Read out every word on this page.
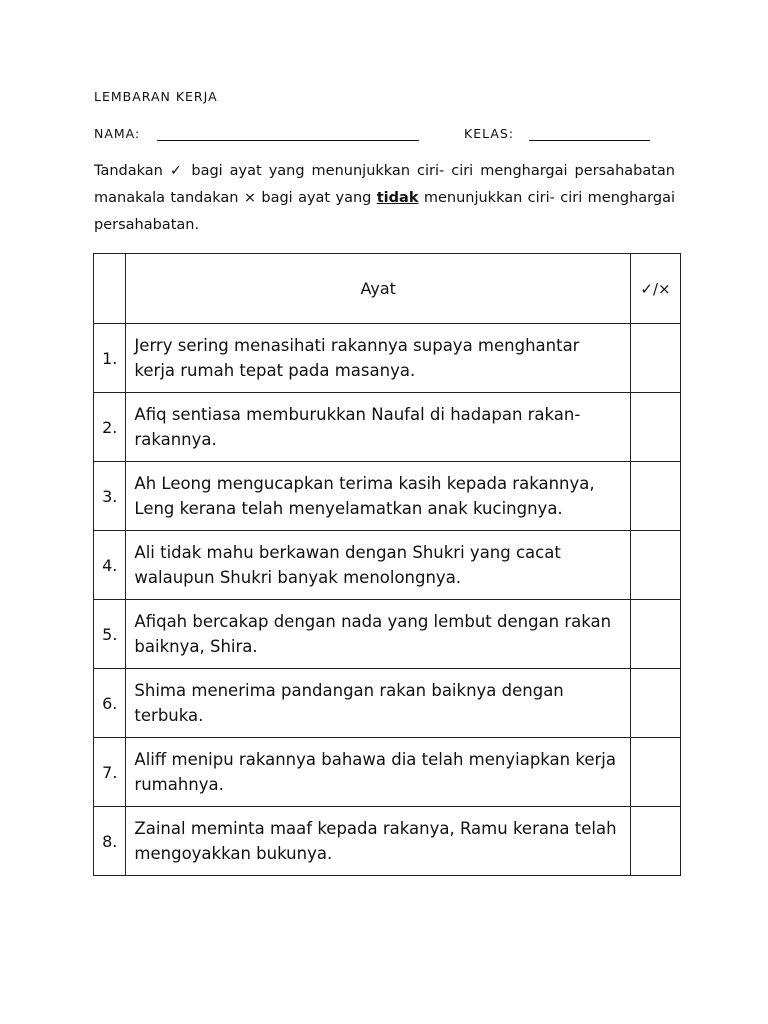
LEMBARAN KERJA
NAMA:	KELAS:
Tandakan ✓ bagi ayat yang menunjukkan ciri- ciri menghargai persahabatan manakala tandakan × bagi ayat yang tidak menunjukkan ciri- ciri menghargai persahabatan.
	Ayat	✓/×
1.	Jerry sering menasihati rakannya supaya menghantar kerja rumah tepat pada masanya.	
2.	Afiq sentiasa memburukkan Naufal di hadapan rakan-rakannya.	
3.	Ah Leong mengucapkan terima kasih kepada rakannya, Leng kerana telah menyelamatkan anak kucingnya.	
4.	Ali tidak mahu berkawan dengan Shukri yang cacat walaupun Shukri banyak menolongnya.	
5.	Afiqah bercakap dengan nada yang lembut dengan rakan baiknya, Shira.	
6.	Shima menerima pandangan rakan baiknya dengan terbuka.	
7.	Aliff menipu rakannya bahawa dia telah menyiapkan kerja rumahnya.	
8.	Zainal meminta maaf kepada rakanya, Ramu kerana telah mengoyakkan bukunya.	
